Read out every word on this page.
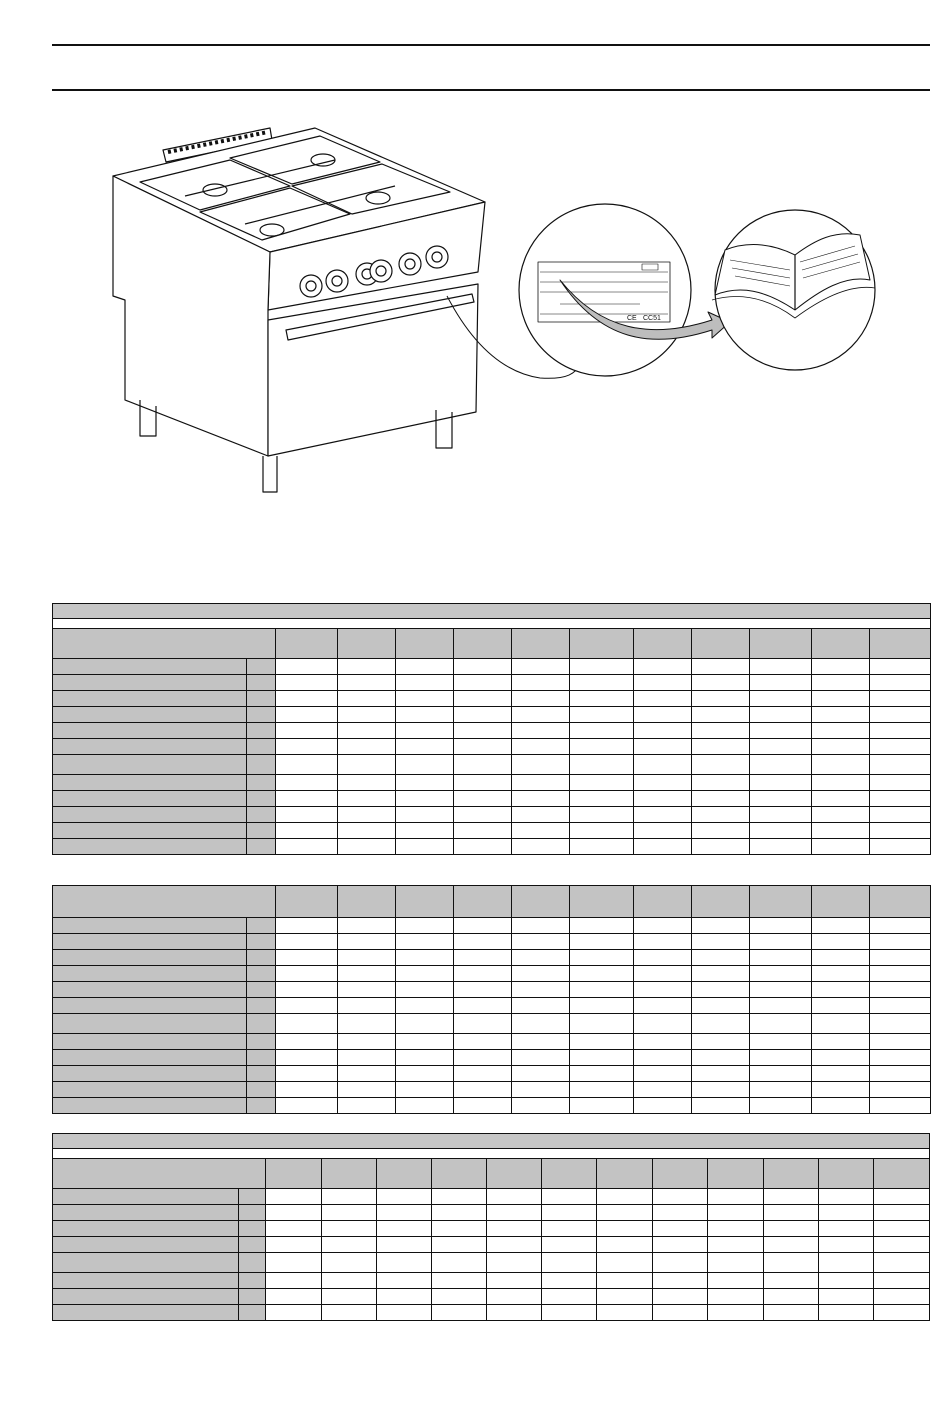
CC51
CE
